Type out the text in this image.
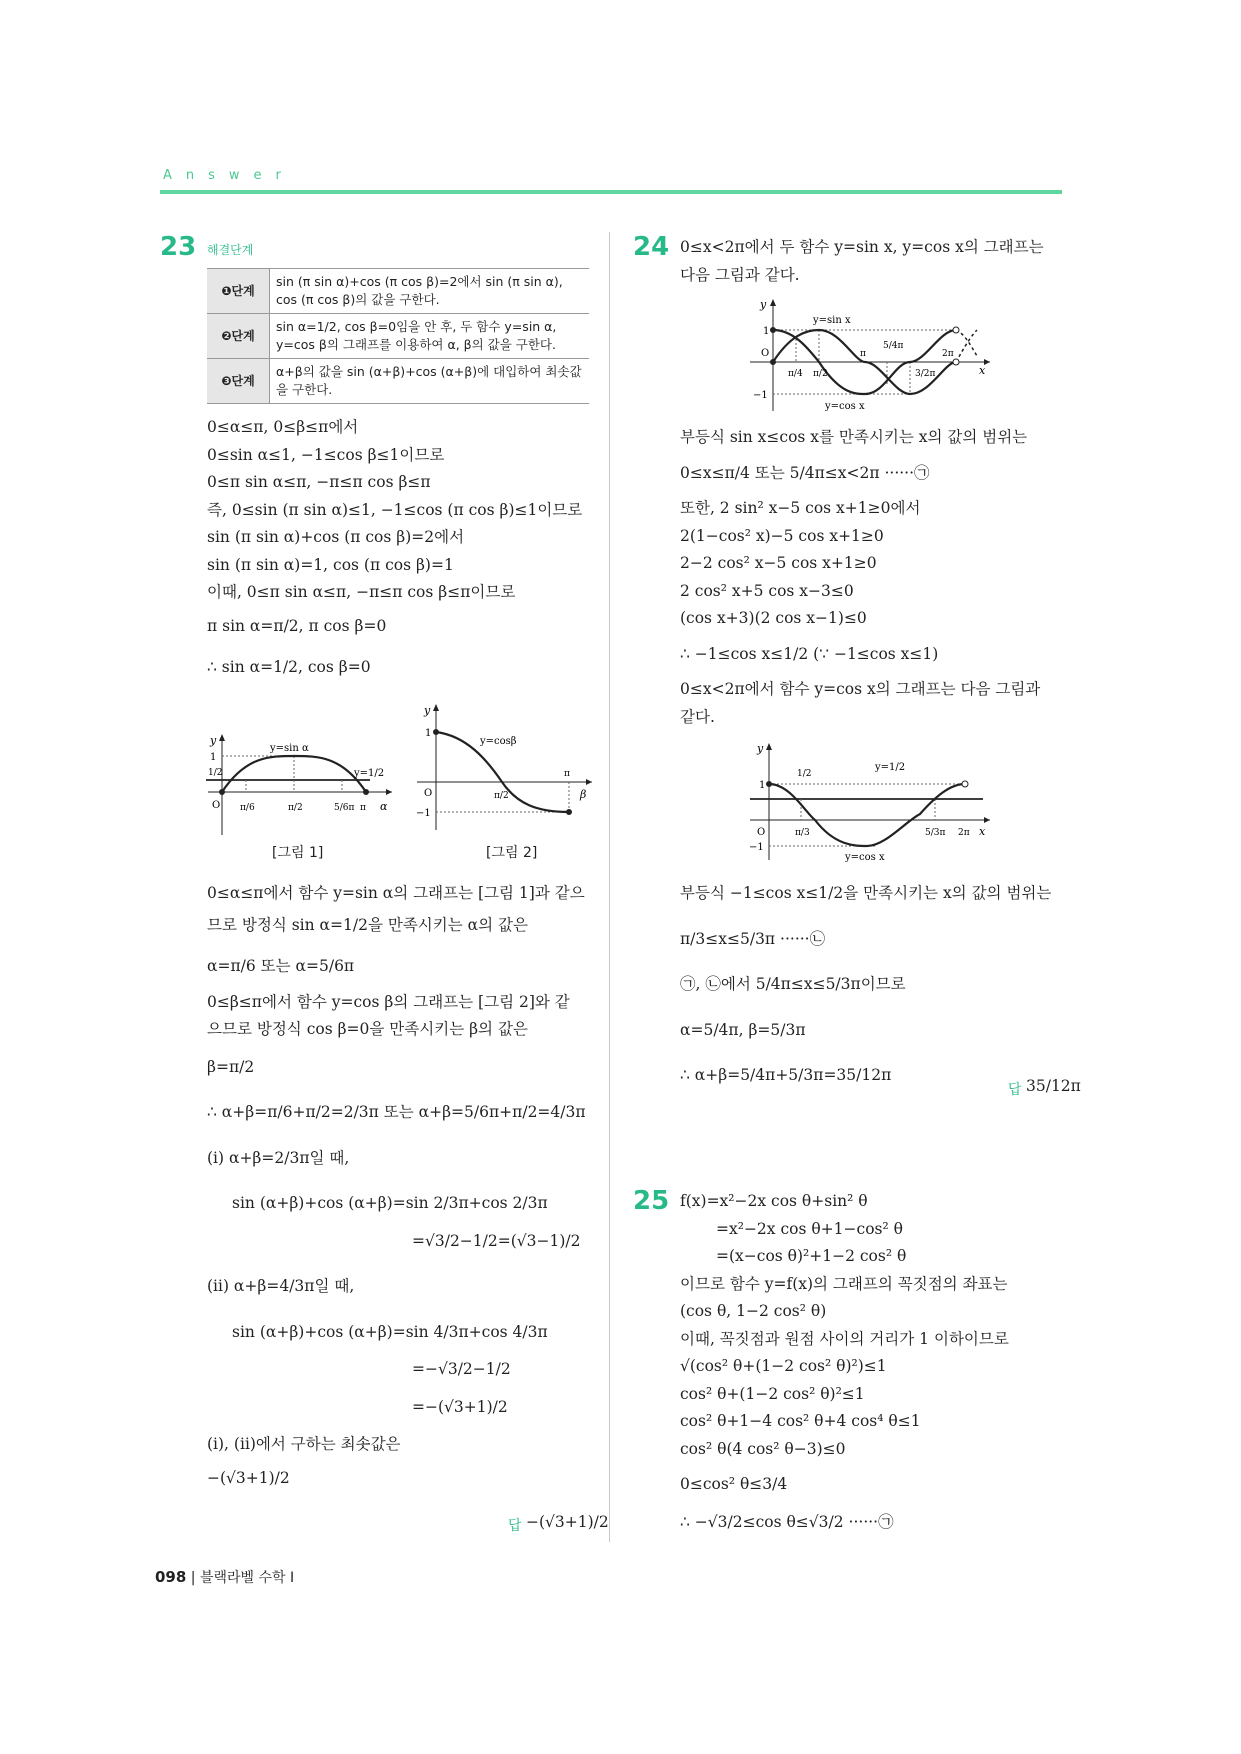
Answer
23 해결단계
❶단계	sin (π sin α)+cos (π cos β)=2에서 sin (π sin α), cos (π cos β)의 값을 구한다.
❷단계	sin α=1/2, cos β=0임을 안 후, 두 함수 y=sin α, y=cos β의 그래프를 이용하여 α, β의 값을 구한다.
❸단계	α+β의 값을 sin (α+β)+cos (α+β)에 대입하여 최솟값을 구한다.
0≤α≤π, 0≤β≤π에서
0≤sin α≤1, −1≤cos β≤1이므로
0≤π sin α≤π, −π≤π cos β≤π
즉, 0≤sin (π sin α)≤1, −1≤cos (π cos β)≤1이므로
sin (π sin α)+cos (π cos β)=2에서
sin (π sin α)=1, cos (π cos β)=1
이때, 0≤π sin α≤π, −π≤π cos β≤π이므로
π sin α=π/2, π cos β=0
∴ sin α=1/2, cos β=0
y
1
1/2
y=sin α
y=1/2
O π/6	π/2	5/6π π α
[그림 1]
y
1
−1
y=cosβ
O	π/2
π
β
[그림 2]
0≤α≤π에서 함수 y=sin α의 그래프는 [그림 1]과 같으
므로 방정식 sin α=1/2을 만족시키는 α의 값은
α=π/6 또는 α=5/6π
0≤β≤π에서 함수 y=cos β의 그래프는 [그림 2]와 같
으므로 방정식 cos β=0을 만족시키는 β의 값은
β=π/2
∴ α+β=π/6+π/2=2/3π 또는 α+β=5/6π+π/2=4/3π
(ⅰ) α+β=2/3π일 때,
sin (α+β)+cos (α+β)=sin 2/3π+cos 2/3π
=√3/2−1/2=(√3−1)/2
(ⅱ) α+β=4/3π일 때,
sin (α+β)+cos (α+β)=sin 4/3π+cos 4/3π
=−√3/2−1/2
=−(√3+1)/2
(ⅰ), (ⅱ)에서 구하는 최솟값은
−(√3+1)/2
답 −(√3+1)/2
24 0≤x<2π에서 두 함수 y=sin x, y=cos x의 그래프는
다음 그림과 같다.
y
1
−1
O
y=sin x
y=cos x
π/4 π/2
π
5/4π
3/2π
2π
x
부등식 sin x≤cos x를 만족시키는 x의 값의 범위는
0≤x≤π/4 또는 5/4π≤x<2π ······㉠
또한, 2 sin² x−5 cos x+1≥0에서
2(1−cos² x)−5 cos x+1≥0
2−2 cos² x−5 cos x+1≥0
2 cos² x+5 cos x−3≤0
(cos x+3)(2 cos x−1)≤0
∴ −1≤cos x≤1/2 (∵ −1≤cos x≤1)
0≤x<2π에서 함수 y=cos x의 그래프는 다음 그림과
같다.
y
1
1/2
−1
O
y=1/2
y=cos x
π/3	5/3π 2π x
부등식 −1≤cos x≤1/2을 만족시키는 x의 값의 범위는
π/3≤x≤5/3π ······㉡
㉠, ㉡에서 5/4π≤x≤5/3π이므로
α=5/4π, β=5/3π
∴ α+β=5/4π+5/3π=35/12π
답 35/12π
25 f(x)=x²−2x cos θ+sin² θ
=x²−2x cos θ+1−cos² θ
=(x−cos θ)²+1−2 cos² θ
이므로 함수 y=f(x)의 그래프의 꼭짓점의 좌표는
(cos θ, 1−2 cos² θ)
이때, 꼭짓점과 원점 사이의 거리가 1 이하이므로
√(cos² θ+(1−2 cos² θ)²)≤1
cos² θ+(1−2 cos² θ)²≤1
cos² θ+1−4 cos² θ+4 cos⁴ θ≤1
cos² θ(4 cos² θ−3)≤0
0≤cos² θ≤3/4
∴ −√3/2≤cos θ≤√3/2 ······㉠
098 | 블랙라벨 수학 Ⅰ
